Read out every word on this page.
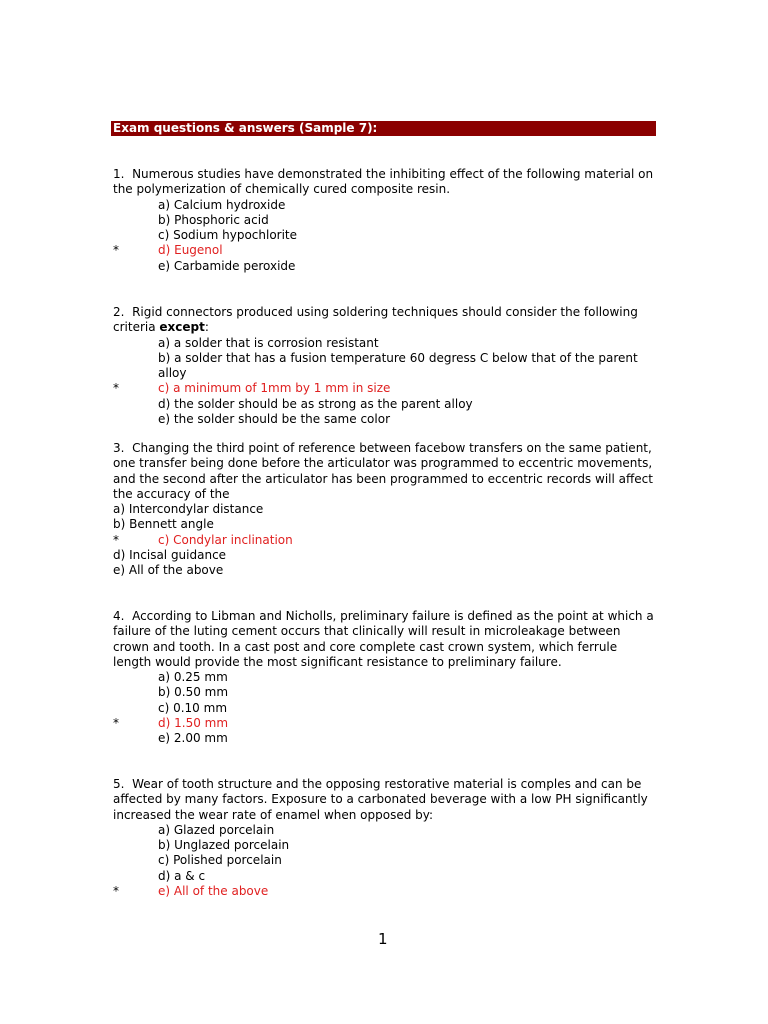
Exam questions & answers (Sample 7):
1.  Numerous studies have demonstrated the inhibiting effect of the following material on the polymerization of chemically cured composite resin.
a) Calcium hydroxide
b) Phosphoric acid
c) Sodium hypochlorite
*	d) Eugenol
e) Carbamide peroxide
2.  Rigid connectors produced using soldering techniques should consider the following criteria except:
a) a solder that is corrosion resistant
b) a solder that has a fusion temperature 60 degress C below that of the parent alloy
*	c) a minimum of 1mm by 1 mm in size
d) the solder should be as strong as the parent alloy
e) the solder should be the same color
3.  Changing the third point of reference between facebow transfers on the same patient, one transfer being done before the articulator was programmed to eccentric movements, and the second after the articulator has been programmed to eccentric records will affect the accuracy of the
a) Intercondylar distance
b) Bennett angle
*	c) Condylar inclination
d) Incisal guidance
e) All of the above
4.  According to Libman and Nicholls, preliminary failure is defined as the point at which a failure of the luting cement occurs that clinically will result in microleakage between crown and tooth. In a cast post and core complete cast crown system, which ferrule length would provide the most significant resistance to preliminary failure.
a) 0.25 mm
b) 0.50 mm
c) 0.10 mm
*	d) 1.50 mm
e) 2.00 mm
5.  Wear of tooth structure and the opposing restorative material is comples and can be affected by many factors. Exposure to a carbonated beverage with a low PH significantly increased the wear rate of enamel when opposed by:
a) Glazed porcelain
b) Unglazed porcelain
c) Polished porcelain
d) a & c
*	e) All of the above
1
